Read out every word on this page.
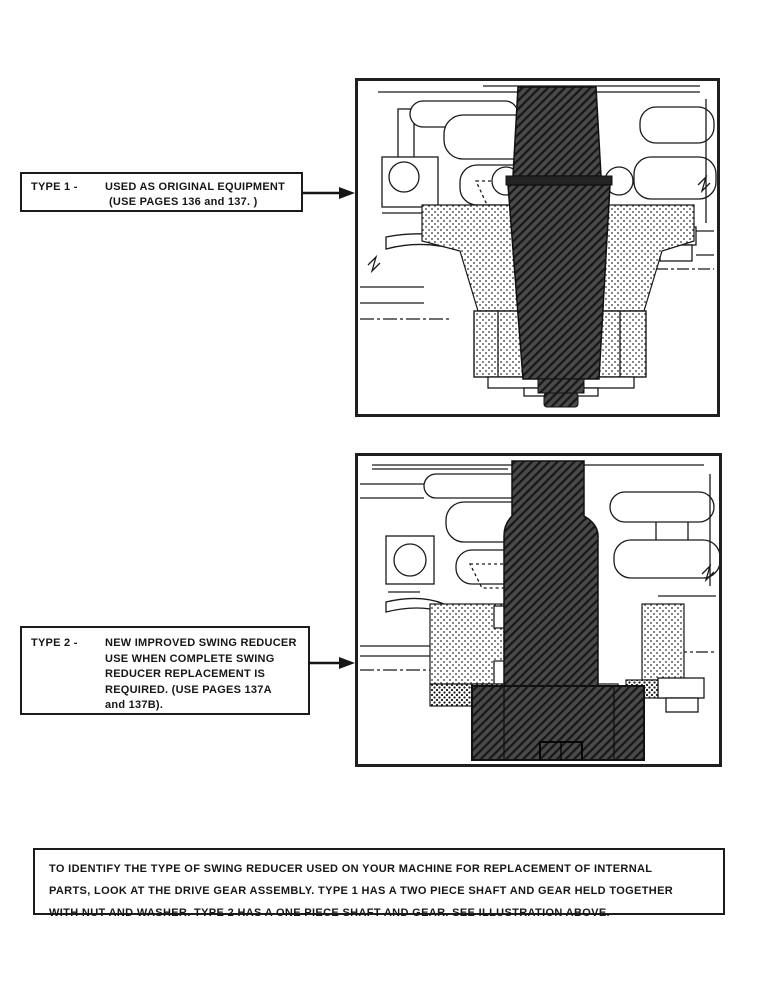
TYPE 1 -	USED AS ORIGINAL EQUIPMENT
(USE PAGES 136 and 137. )
TYPE 2 -	NEW IMPROVED SWING REDUCER
USE WHEN COMPLETE SWING
REDUCER REPLACEMENT IS
REQUIRED. (USE PAGES 137A
and 137B).
TO IDENTIFY THE TYPE OF SWING REDUCER USED ON YOUR MACHINE FOR REPLACEMENT OF INTERNAL
PARTS, LOOK AT THE DRIVE GEAR ASSEMBLY. TYPE 1 HAS A TWO PIECE SHAFT AND GEAR HELD TOGETHER
WITH NUT AND WASHER. TYPE 2 HAS A ONE PIECE SHAFT AND GEAR. SEE ILLUSTRATION ABOVE.
